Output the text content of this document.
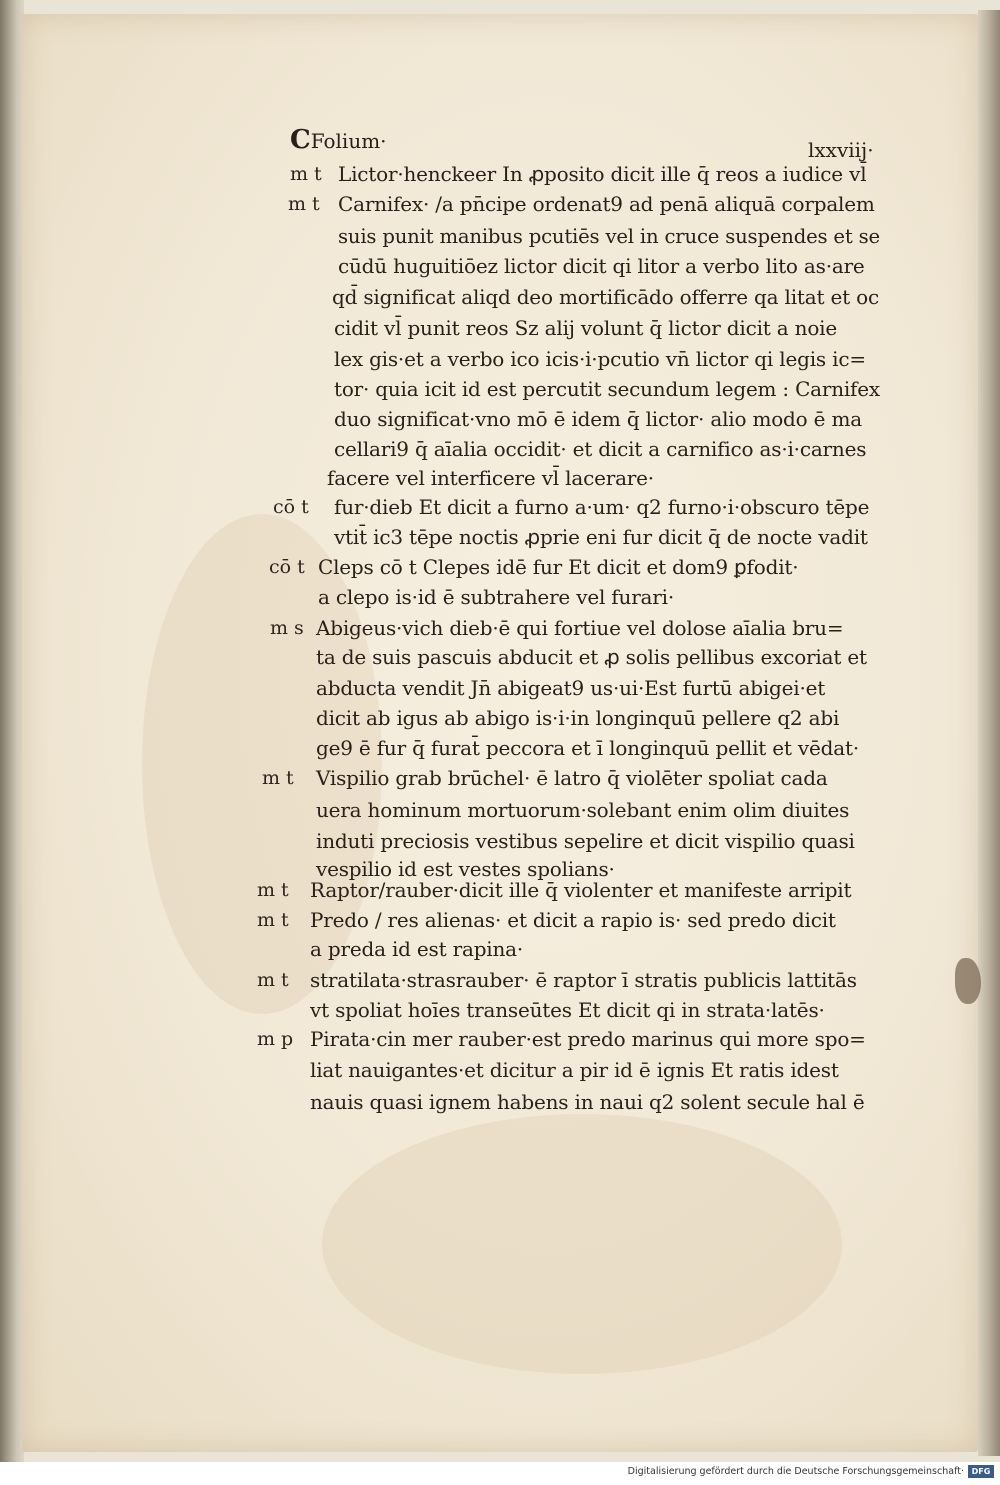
CFolium·	lxxviij·
m t Lictor·henckeer In ꝓposito dicit ille q̄ reos a iudice vl̄
m t Carnifex· /a pn̄cipe ordenat9 ad penā aliquā corpalem
suis punit manibus pcutiēs vel in cruce suspendes et se
cūdū huguitiōez lictor dicit qi litor a verbo lito as·are
qd̄ significat aliqd deo mortificādo offerre qa litat et oc
cidit vl̄ punit reos Sz alij volunt q̄ lictor dicit a noie
lex gis·et a verbo ico icis·i·pcutio vn̄ lictor qi legis ic=
tor· quia icit id est percutit secundum legem : Carnifex
duo significat·vno mō ē idem q̄ lictor· alio modo ē ma
cellari9 q̄ aīalia occidit· et dicit a carnifico as·i·carnes
facere vel interficere vl̄ lacerare·
cō t fur·dieb Et dicit a furno a·um· q2 furno·i·obscuro tēpe
vtit̄ ic3 tēpe noctis ꝓprie eni fur dicit q̄ de nocte vadit
cō t Cleps cō t Clepes idē fur Et dicit et dom9 ꝑfodit·
a clepo is·id ē subtrahere vel furari·
m s Abigeus·vich dieb·ē qui fortiue vel dolose aīalia bru=
ta de suis pascuis abducit et ꝓ solis pellibus excoriat et
abducta vendit Jn̄ abigeat9 us·ui·Est furtū abigei·et
dicit ab igus ab abigo is·i·in longinquū pellere q2 abi
ge9 ē fur q̄ furat̄ peccora et ī longinquū pellit et vēdat·
m t Vispilio grab brūchel· ē latro q̄ violēter spoliat cada
uera hominum mortuorum·solebant enim olim diuites
induti preciosis vestibus sepelire et dicit vispilio quasi
vespilio id est vestes spolians·
m t Raptor/rauber·dicit ille q̄ violenter et manifeste arripit
m t Predo / res alienas· et dicit a rapio is· sed predo dicit
a preda id est rapina·
m t stratilata·strasrauber· ē raptor ī stratis publicis lattitās
vt spoliat hoīes transeūtes Et dicit qi in strata·latēs·
m p Pirata·cin mer rauber·est predo marinus qui more spo=
liat nauigantes·et dicitur a pir id ē ignis Et ratis idest
nauis quasi ignem habens in naui q2 solent secule hal ē
Digitalisierung gefördert durch die Deutsche Forschungsgemeinschaft· DFG
